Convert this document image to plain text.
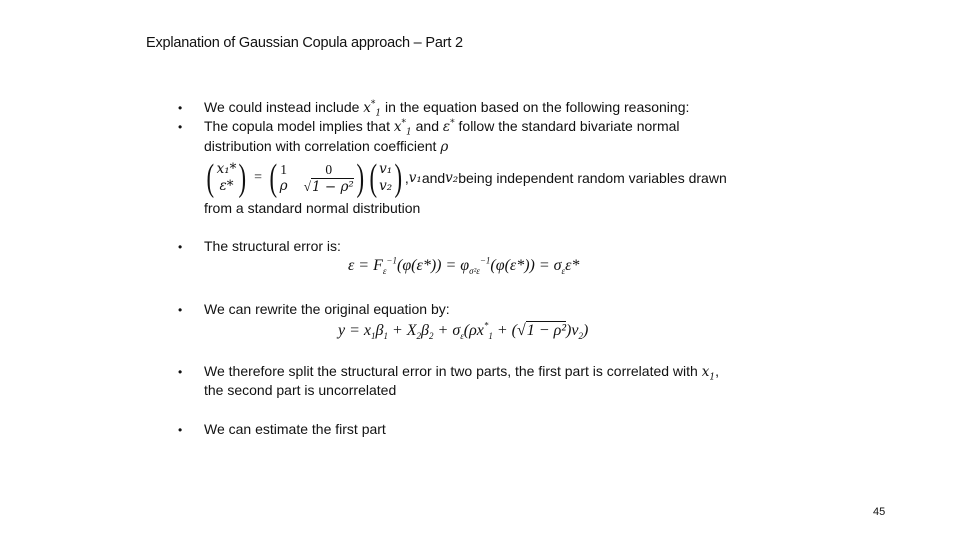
Explanation of Gaussian Copula approach – Part 2
• We could instead include $x^*_1$ in the equation based on the following reasoning:
• The copula model implies that $x^*_1$ and ε* follow the standard bivariate normal
distribution with correlation coefficient ρ
( x₁*
ε* ) = ( 1	0
ρ √1 − ρ² ) ( v₁
v₂ ) , v₁ and v₂ being independent random variables drawn
from a standard normal distribution
• The structural error is:
$\varepsilon = F_\varepsilon^{-1}(\varphi(\varepsilon*)) = \varphi_{\sigma^2\varepsilon}^{-1}(\varphi(\varepsilon*)) = \sigma_\varepsilon\varepsilon*$
• We can rewrite the original equation by:
$y = x_1\beta_1 + X_2\beta_2 + \sigma_\varepsilon(\rho x^*_1 + (√1 - \rho^2)v_2)$
• We therefore split the structural error in two parts, the first part is correlated with $x_1$,
the second part is uncorrelated
• We can estimate the first part
45
